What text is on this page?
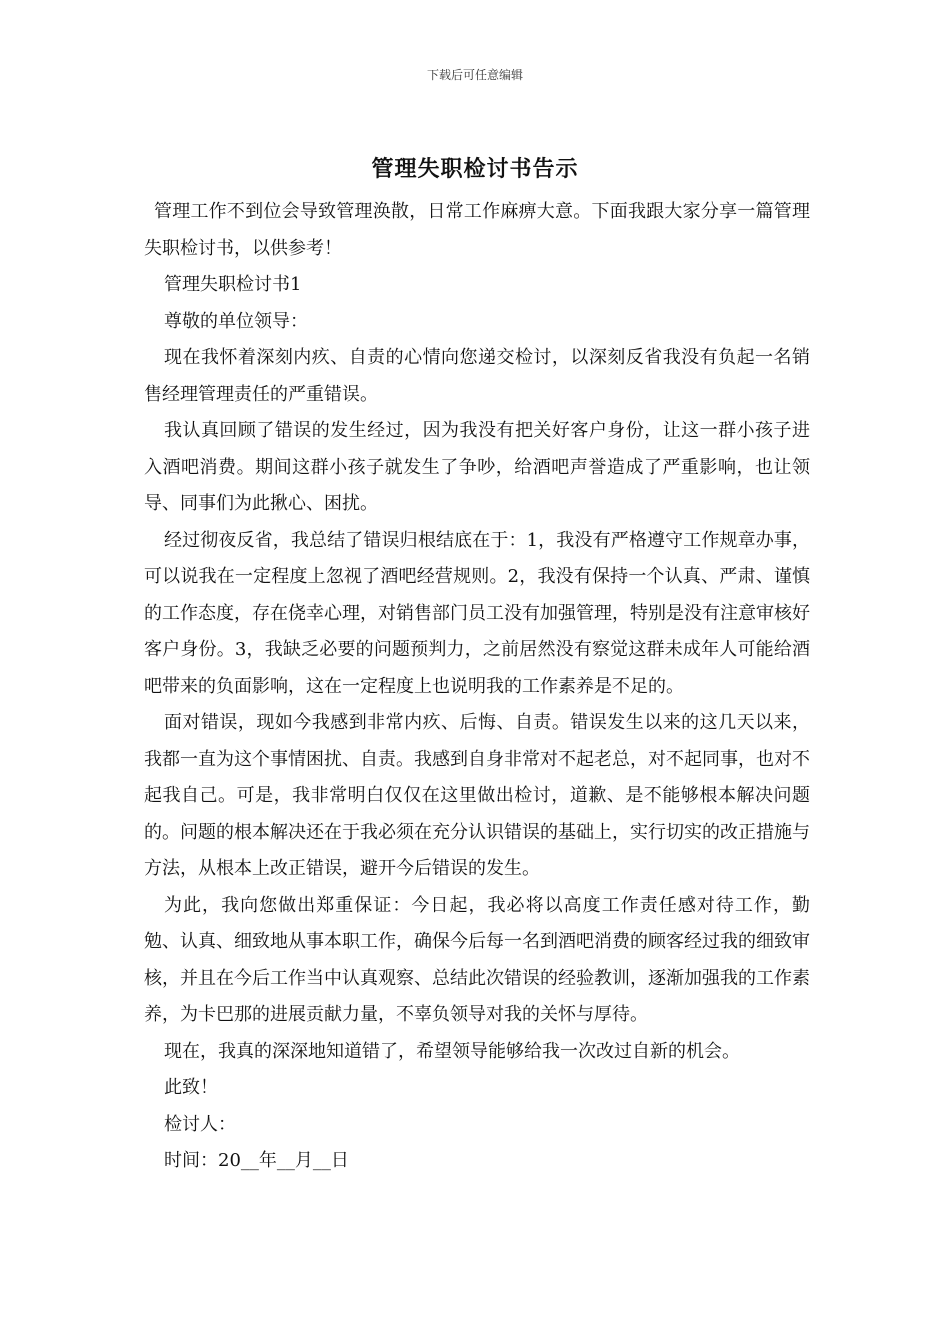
下载后可任意编辑
管理失职检讨书告示

管理工作不到位会导致管理涣散，日常工作麻痹大意。下面我跟大家分享一篇管理失职检讨书，以供参考！

管理失职检讨书1

尊敬的单位领导：

现在我怀着深刻内疚、自责的心情向您递交检讨，以深刻反省我没有负起一名销售经理管理责任的严重错误。

我认真回顾了错误的发生经过，因为我没有把关好客户身份，让这一群小孩子进入酒吧消费。期间这群小孩子就发生了争吵，给酒吧声誉造成了严重影响，也让领导、同事们为此揪心、困扰。

经过彻夜反省，我总结了错误归根结底在于：1，我没有严格遵守工作规章办事，可以说我在一定程度上忽视了酒吧经营规则。2，我没有保持一个认真、严肃、谨慎的工作态度，存在侥幸心理，对销售部门员工没有加强管理，特别是没有注意审核好客户身份。3，我缺乏必要的问题预判力，之前居然没有察觉这群未成年人可能给酒吧带来的负面影响，这在一定程度上也说明我的工作素养是不足的。

面对错误，现如今我感到非常内疚、后悔、自责。错误发生以来的这几天以来，我都一直为这个事情困扰、自责。我感到自身非常对不起老总，对不起同事，也对不起我自己。可是，我非常明白仅仅在这里做出检讨，道歉、是不能够根本解决问题的。问题的根本解决还在于我必须在充分认识错误的基础上，实行切实的改正措施与方法，从根本上改正错误，避开今后错误的发生。

为此，我向您做出郑重保证：今日起，我必将以高度工作责任感对待工作，勤勉、认真、细致地从事本职工作，确保今后每一名到酒吧消费的顾客经过我的细致审核，并且在今后工作当中认真观察、总结此次错误的经验教训，逐渐加强我的工作素养，为卡巴那的进展贡献力量，不辜负领导对我的关怀与厚待。

现在，我真的深深地知道错了，希望领导能够给我一次改过自新的机会。

此致！

检讨人：

时间：20__年__月__日
